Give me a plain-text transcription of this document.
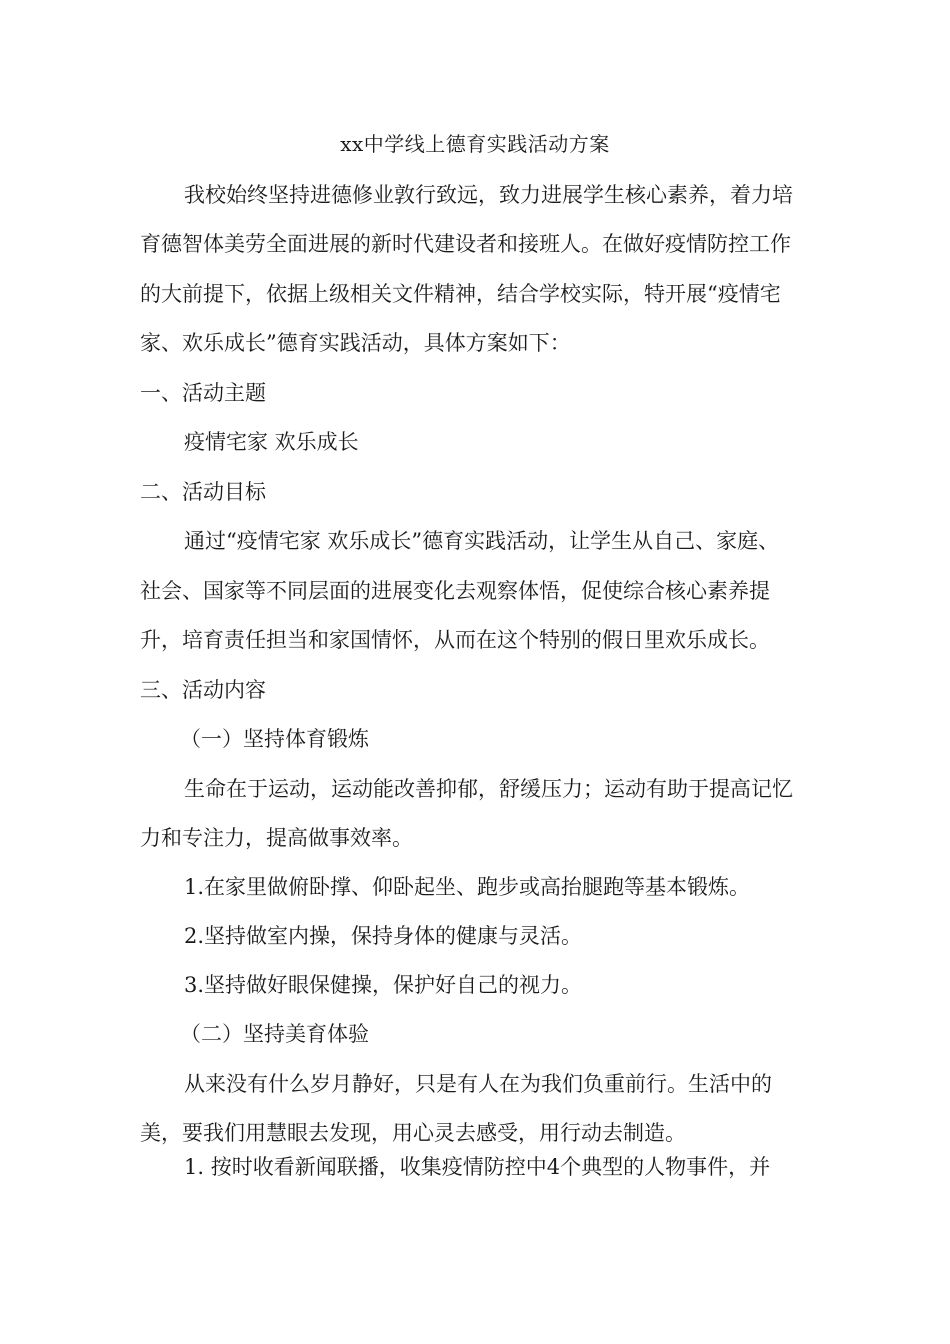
xx中学线上德育实践活动方案
我校始终坚持进德修业敦行致远，致力进展学生核心素养，着力培
育德智体美劳全面进展的新时代建设者和接班人。在做好疫情防控工作
的大前提下，依据上级相关文件精神，结合学校实际，特开展“疫情宅
家、欢乐成长”德育实践活动，具体方案如下：
一、活动主题
疫情宅家 欢乐成长
二、活动目标
通过“疫情宅家 欢乐成长”德育实践活动，让学生从自己、家庭、
社会、国家等不同层面的进展变化去观察体悟，促使综合核心素养提
升，培育责任担当和家国情怀，从而在这个特别的假日里欢乐成长。
三、活动内容
（一）坚持体育锻炼
生命在于运动，运动能改善抑郁，舒缓压力；运动有助于提高记忆
力和专注力，提高做事效率。
1.在家里做俯卧撑、仰卧起坐、跑步或高抬腿跑等基本锻炼。
2.坚持做室内操，保持身体的健康与灵活。
3.坚持做好眼保健操，保护好自己的视力。
（二）坚持美育体验
从来没有什么岁月静好，只是有人在为我们负重前行。生活中的
美，要我们用慧眼去发现，用心灵去感受，用行动去制造。
1. 按时收看新闻联播，收集疫情防控中4个典型的人物事件，并
